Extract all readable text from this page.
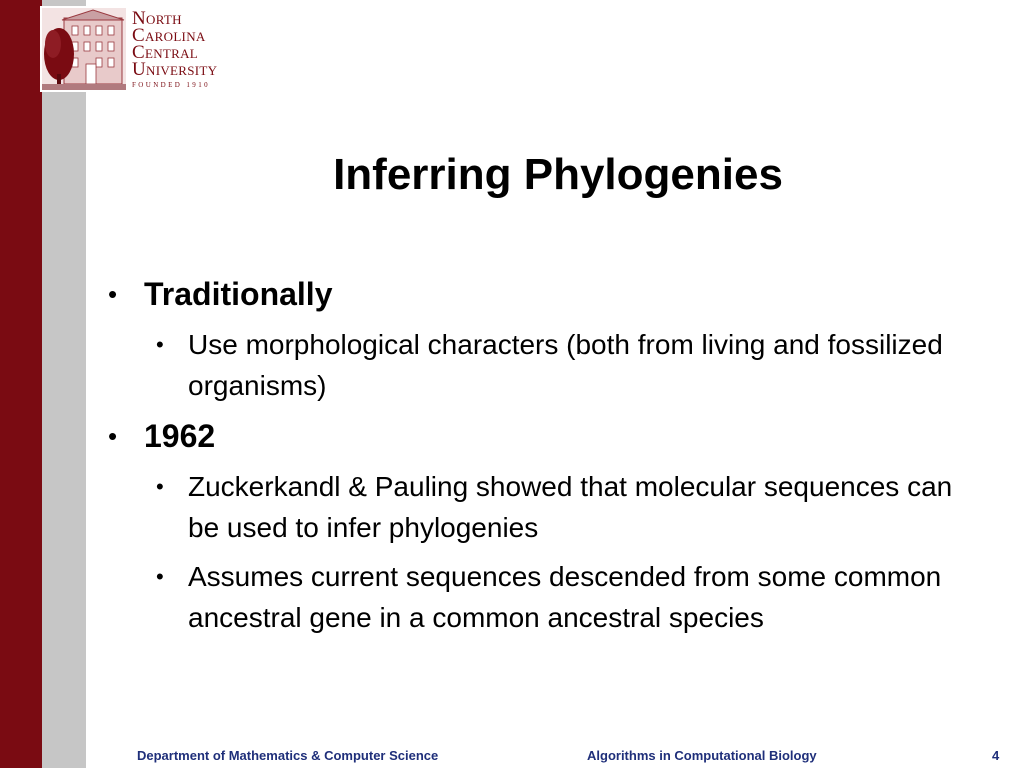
North
Carolina
Central
University
FOUNDED 1910
Inferring Phylogenies
• Traditionally
• Use morphological characters (both from living and fossilized organisms)
• 1962
• Zuckerkandl & Pauling showed that molecular sequences can be used to infer phylogenies
• Assumes current sequences descended from some common ancestral gene in a common ancestral species
Department of Mathematics & Computer Science	Algorithms in Computational Biology	4
